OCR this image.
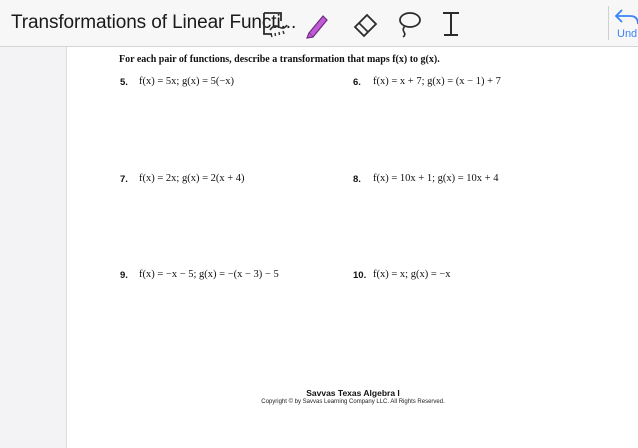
Transformations of Linear Functi...
Und
For each pair of functions, describe a transformation that maps f(x) to g(x).
5. f(x) = 5x; g(x) = 5(−x)	6. f(x) = x + 7; g(x) = (x − 1) + 7
7. f(x) = 2x; g(x) = 2(x + 4)	8. f(x) = 10x + 1; g(x) = 10x + 4
9. f(x) = −x − 5; g(x) = −(x − 3) − 5	10. f(x) = x; g(x) = −x
Savvas Texas Algebra I
Copyright © by Savvas Learning Company LLC. All Rights Reserved.
